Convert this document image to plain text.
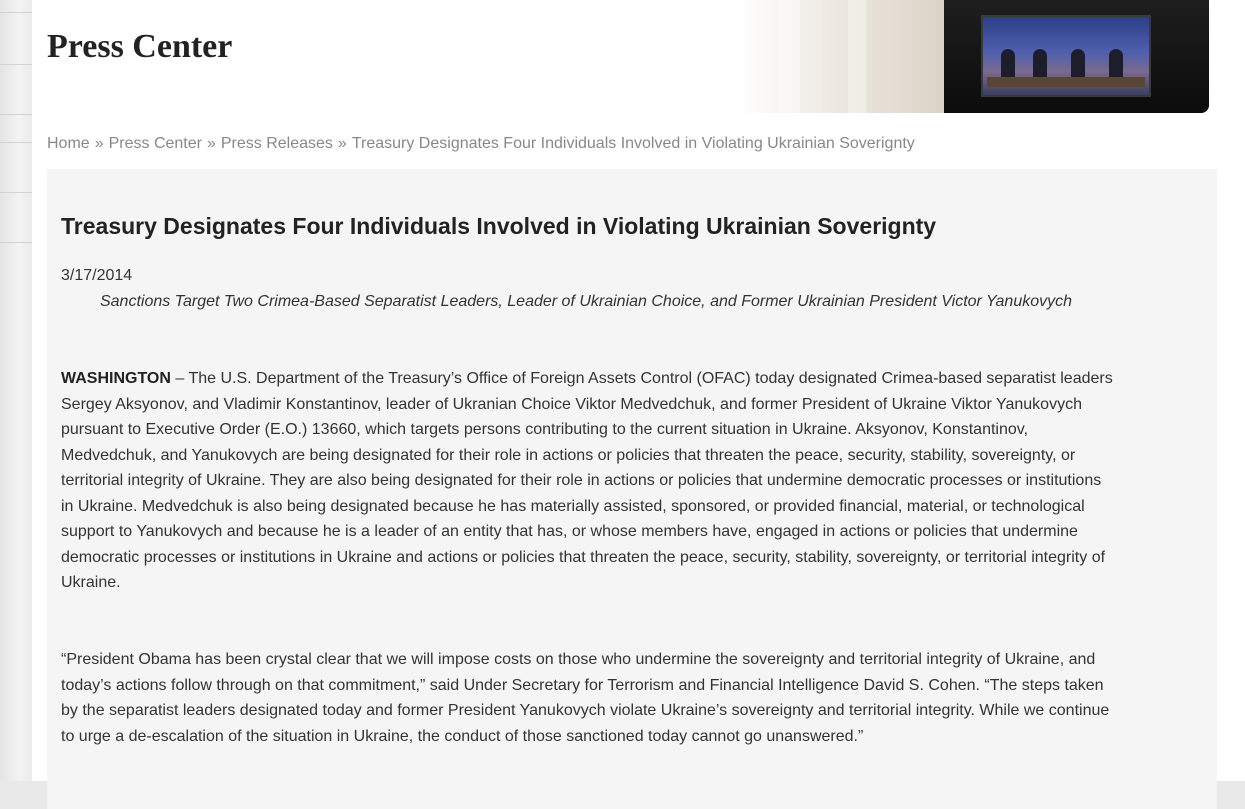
Press Center
Home » Press Center » Press Releases » Treasury Designates Four Individuals Involved in Violating Ukrainian Soverignty
Treasury Designates Four Individuals Involved in Violating Ukrainian Soverignty
3/17/2014
Sanctions Target Two Crimea-Based Separatist Leaders, Leader of Ukrainian Choice, and Former Ukrainian President Victor Yanukovych

WASHINGTON – The U.S. Department of the Treasury’s Office of Foreign Assets Control (OFAC) today designated Crimea-based separatist leaders Sergey Aksyonov, and Vladimir Konstantinov, leader of Ukranian Choice Viktor Medvedchuk, and former President of Ukraine Viktor Yanukovych pursuant to Executive Order (E.O.) 13660, which targets persons contributing to the current situation in Ukraine. Aksyonov, Konstantinov, Medvedchuk, and Yanukovych are being designated for their role in actions or policies that threaten the peace, security, stability, sovereignty, or territorial integrity of Ukraine. They are also being designated for their role in actions or policies that undermine democratic processes or institutions in Ukraine. Medvedchuk is also being designated because he has materially assisted, sponsored, or provided financial, material, or technological support to Yanukovych and because he is a leader of an entity that has, or whose members have, engaged in actions or policies that undermine democratic processes or institutions in Ukraine and actions or policies that threaten the peace, security, stability, sovereignty, or territorial integrity of Ukraine.

“President Obama has been crystal clear that we will impose costs on those who undermine the sovereignty and territorial integrity of Ukraine, and today’s actions follow through on that commitment,” said Under Secretary for Terrorism and Financial Intelligence David S. Cohen. “The steps taken by the separatist leaders designated today and former President Yanukovych violate Ukraine’s sovereignty and territorial integrity. While we continue to urge a de-escalation of the situation in Ukraine, the conduct of those sanctioned today cannot go unanswered.”
